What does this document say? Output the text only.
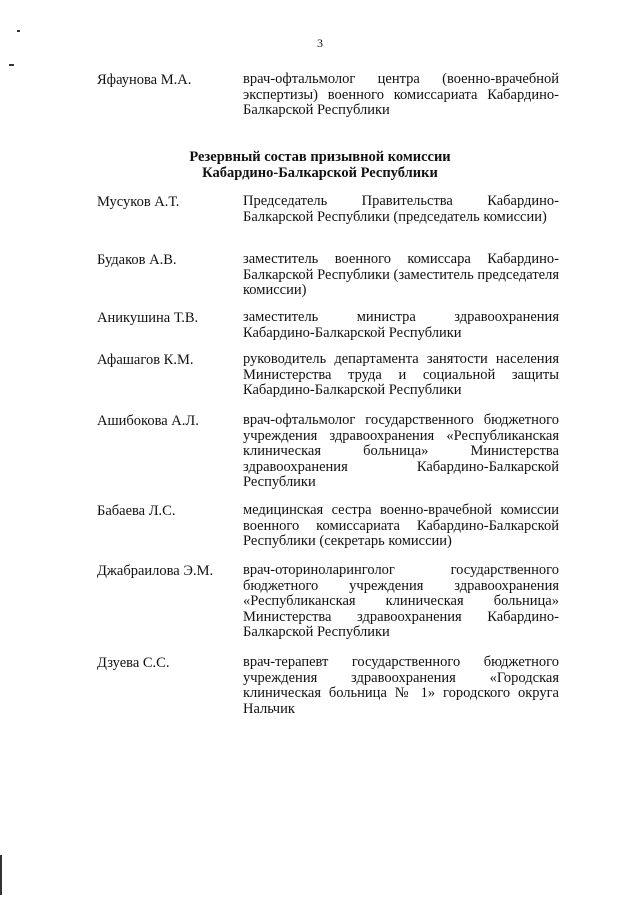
3
Яфаунова М.А.	врач-офтальмолог центра (военно-врачебной экспертизы) военного комиссариата Кабардино-Балкарской Республики
Резервный состав призывной комиссии
Кабардино-Балкарской Республики
Мусуков А.Т.	Председатель Правительства Кабардино-Балкарской Республики (председатель комиссии)
Будаков А.В.	заместитель военного комиссара Кабардино-Балкарской Республики (заместитель председателя комиссии)
Аникушина Т.В.	заместитель министра здравоохранения Кабардино-Балкарской Республики
Афашагов К.М.	руководитель департамента занятости населения Министерства труда и социальной защиты Кабардино-Балкарской Республики
Ашибокова А.Л.	врач-офтальмолог государственного бюджетного учреждения здравоохранения «Республиканская клиническая больница» Министерства здравоохранения Кабардино-Балкарской Республики
Бабаева Л.С.	медицинская сестра военно-врачебной комиссии военного комиссариата Кабардино-Балкарской Республики (секретарь комиссии)
Джабраилова Э.М.	врач-оториноларинголог государственного бюджетного учреждения здравоохранения «Республиканская клиническая больница» Министерства здравоохранения Кабардино-Балкарской Республики
Дзуева С.С.	врач-терапевт государственного бюджетного учреждения здравоохранения «Городская клиническая больница № 1» городского округа Нальчик
